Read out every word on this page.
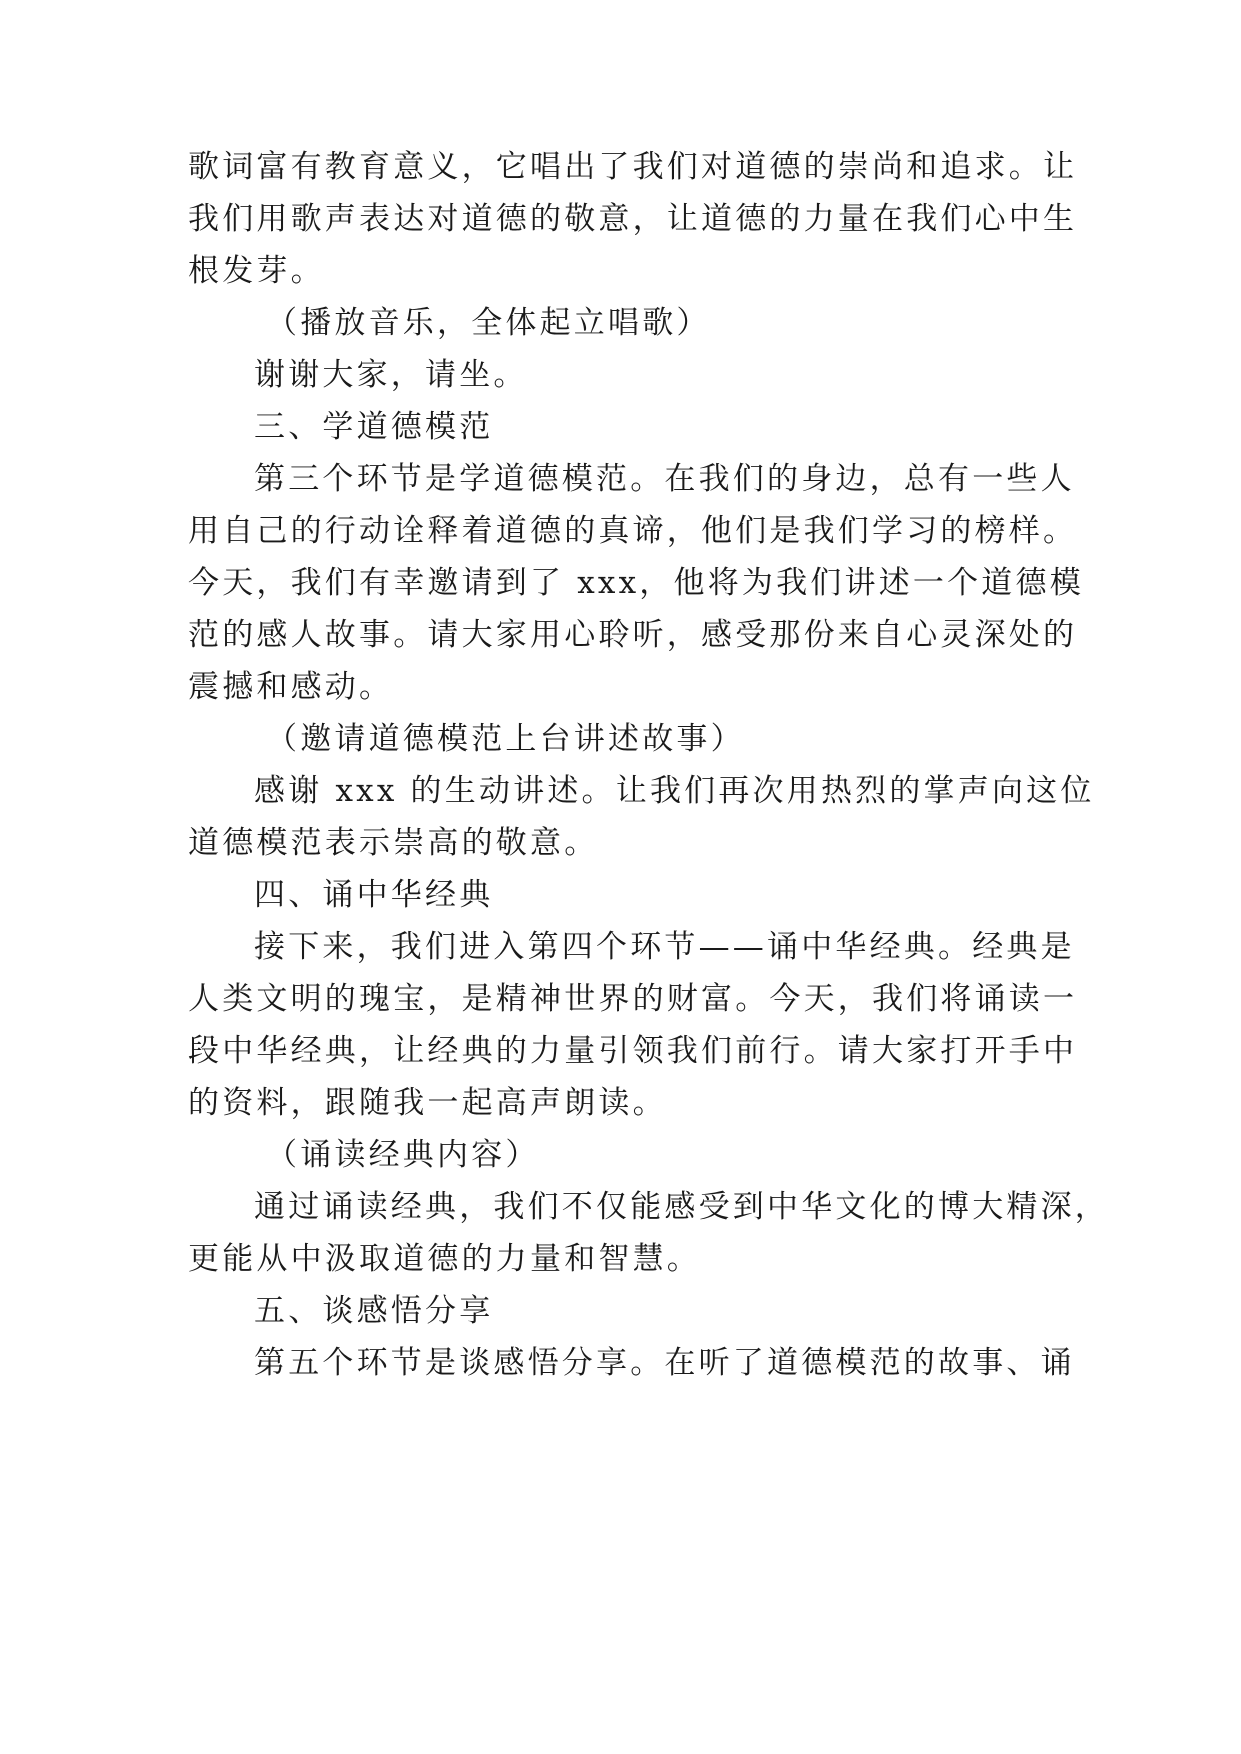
歌词富有教育意义，它唱出了我们对道德的崇尚和追求。让
我们用歌声表达对道德的敬意，让道德的力量在我们心中生
根发芽。
（播放音乐，全体起立唱歌）
谢谢大家，请坐。
三、学道德模范
第三个环节是学道德模范。在我们的身边，总有一些人
用自己的行动诠释着道德的真谛，他们是我们学习的榜样。
今天，我们有幸邀请到了 xxx，他将为我们讲述一个道德模
范的感人故事。请大家用心聆听，感受那份来自心灵深处的
震撼和感动。
（邀请道德模范上台讲述故事）
感谢 xxx 的生动讲述。让我们再次用热烈的掌声向这位
道德模范表示崇高的敬意。
四、诵中华经典
接下来，我们进入第四个环节——诵中华经典。经典是
人类文明的瑰宝，是精神世界的财富。今天，我们将诵读一
段中华经典，让经典的力量引领我们前行。请大家打开手中
的资料，跟随我一起高声朗读。
（诵读经典内容）
通过诵读经典，我们不仅能感受到中华文化的博大精深，
更能从中汲取道德的力量和智慧。
五、谈感悟分享
第五个环节是谈感悟分享。在听了道德模范的故事、诵
